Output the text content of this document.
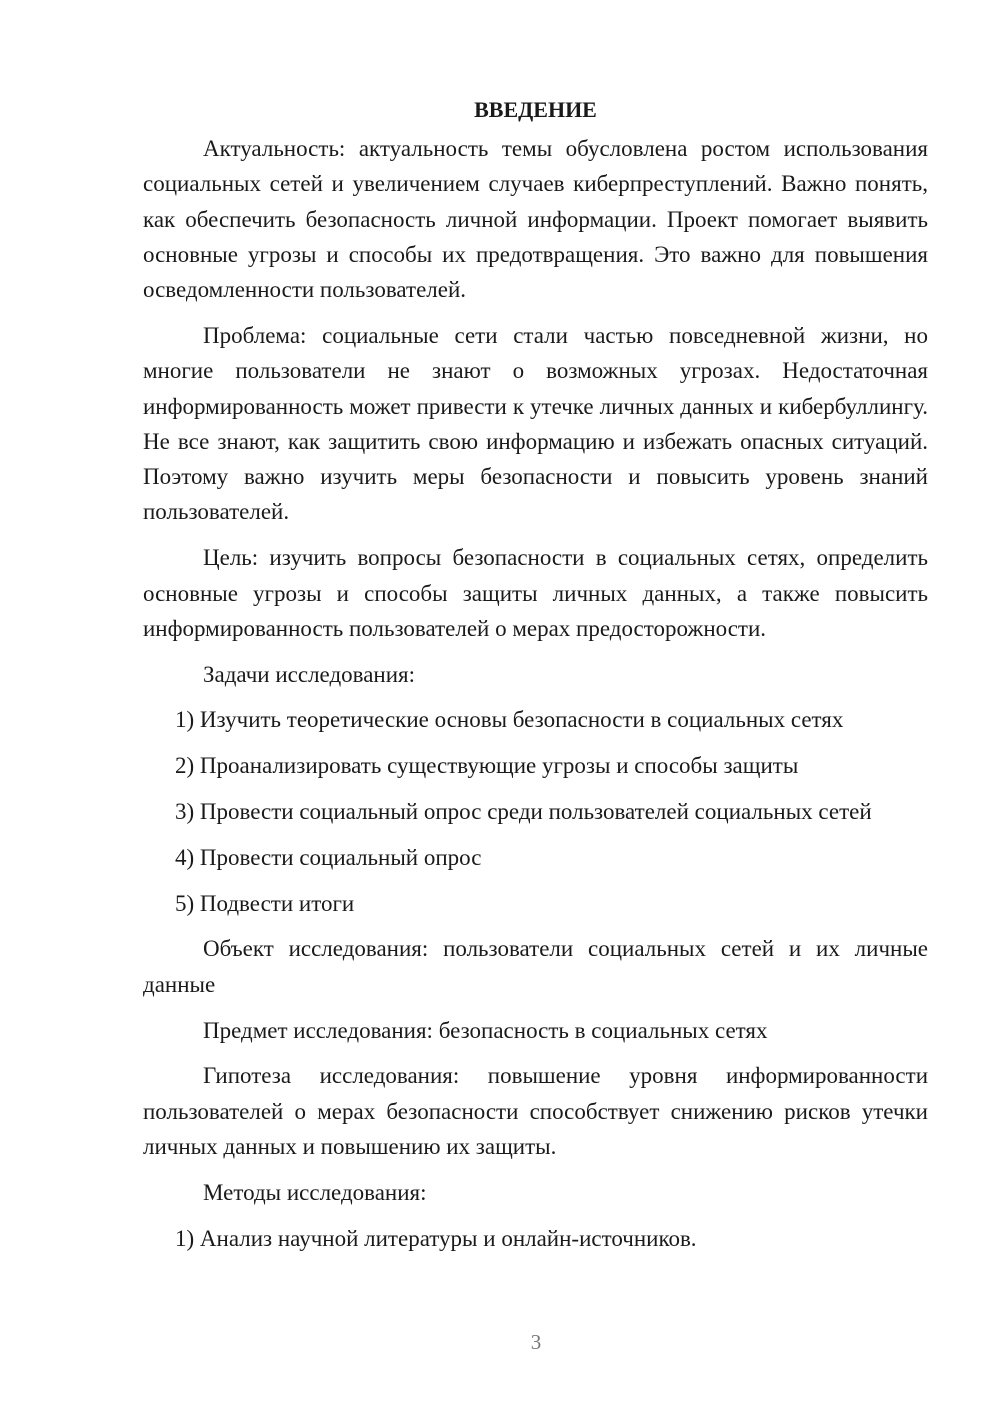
ВВЕДЕНИЕ

Актуальность: актуальность темы обусловлена ростом использования социальных сетей и увеличением случаев киберпреступлений. Важно понять, как обеспечить безопасность личной информации. Проект помогает выявить основные угрозы и способы их предотвращения. Это важно для повышения осведомленности пользователей.

Проблема: социальные сети стали частью повседневной жизни, но многие пользователи не знают о возможных угрозах. Недостаточная информированность может привести к утечке личных данных и кибербуллингу. Не все знают, как защитить свою информацию и избежать опасных ситуаций. Поэтому важно изучить меры безопасности и повысить уровень знаний пользователей.

Цель: изучить вопросы безопасности в социальных сетях, определить основные угрозы и способы защиты личных данных, а также повысить информированность пользователей о мерах предосторожности.

Задачи исследования:

1) Изучить теоретические основы безопасности в социальных сетях

2) Проанализировать существующие угрозы и способы защиты

3) Провести социальный опрос среди пользователей социальных сетей

4) Провести социальный опрос

5) Подвести итоги

Объект исследования: пользователи социальных сетей и их личные данные

Предмет исследования: безопасность в социальных сетях

Гипотеза исследования: повышение уровня информированности пользователей о мерах безопасности способствует снижению рисков утечки личных данных и повышению их защиты.

Методы исследования:

1) Анализ научной литературы и онлайн-источников.

3
